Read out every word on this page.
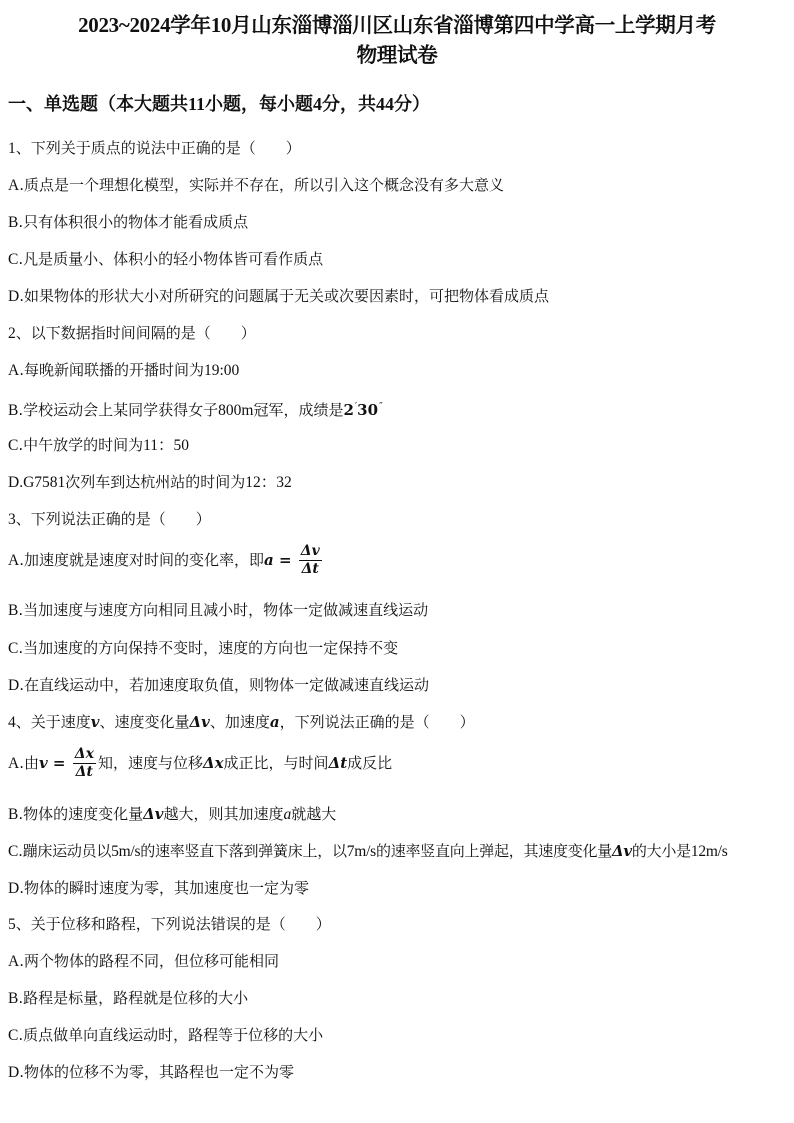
2023~2024学年10月山东淄博淄川区山东省淄博第四中学高一上学期月考
物理试卷
一、单选题（本大题共11小题，每小题4分，共44分）
1、下列关于质点的说法中正确的是（　　）
A.质点是一个理想化模型，实际并不存在，所以引入这个概念没有多大意义
B.只有体积很小的物体才能看成质点
C.凡是质量小、体积小的轻小物体皆可看作质点
D.如果物体的形状大小对所研究的问题属于无关或次要因素时，可把物体看成质点
2、以下数据指时间间隔的是（　　）
A.每晚新闻联播的开播时间为19:00
B.学校运动会上某同学获得女子800m冠军，成绩是2′30″
C.中午放学的时间为11：50
D.G7581次列车到达杭州站的时间为12：32
3、下列说法正确的是（　　）
A.加速度就是速度对时间的变化率，即$a = \frac{\Delta v}{\Delta t}$
B.当加速度与速度方向相同且减小时，物体一定做减速直线运动
C.当加速度的方向保持不变时，速度的方向也一定保持不变
D.在直线运动中，若加速度取负值，则物体一定做减速直线运动
4、关于速度v、速度变化量Δv、加速度a，下列说法正确的是（　　）
A.由$v = \frac{\Delta x}{\Delta t}$ 知，速度与位移Δx成正比，与时间Δt成反比
B.物体的速度变化量Δv越大，则其加速度a就越大
C.蹦床运动员以5m/s的速率竖直下落到弹簧床上，以7m/s的速率竖直向上弹起，其速度变化量Δv的大小是12m/s
D.物体的瞬时速度为零，其加速度也一定为零
5、关于位移和路程，下列说法错误的是（　　）
A.两个物体的路程不同，但位移可能相同
B.路程是标量，路程就是位移的大小
C.质点做单向直线运动时，路程等于位移的大小
D.物体的位移不为零，其路程也一定不为零
